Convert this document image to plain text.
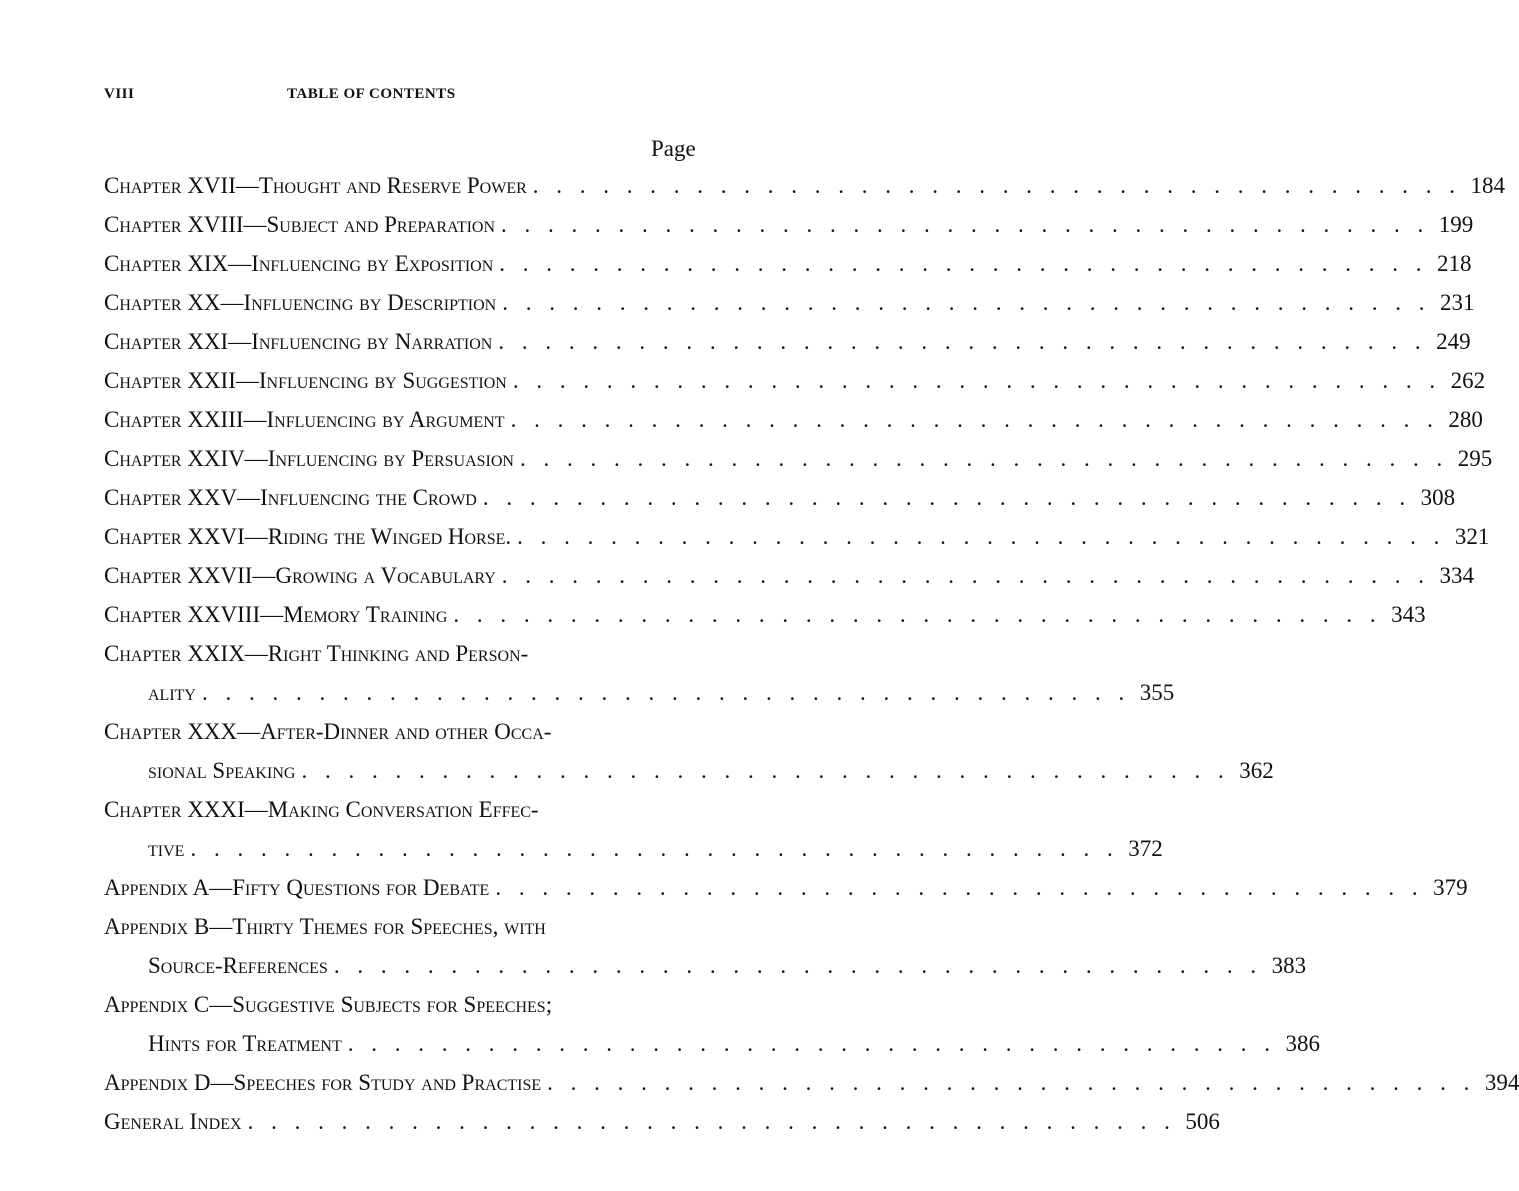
VIII	TABLE OF CONTENTS
Page
Chapter XVII—Thought and Reserve Power . . . . . . . . . . . . . . . . . . . . . . . . . . . . . . . . . . . . . . . . 184
Chapter XVIII—Subject and Preparation . . . . . . . . . . . . . . . . . . . . . . . . . . . . . . . . . . . . . . . . 199
Chapter XIX—Influencing by Exposition . . . . . . . . . . . . . . . . . . . . . . . . . . . . . . . . . . . . . . . . 218
Chapter XX—Influencing by Description . . . . . . . . . . . . . . . . . . . . . . . . . . . . . . . . . . . . . . . . 231
Chapter XXI—Influencing by Narration . . . . . . . . . . . . . . . . . . . . . . . . . . . . . . . . . . . . . . . . 249
Chapter XXII—Influencing by Suggestion . . . . . . . . . . . . . . . . . . . . . . . . . . . . . . . . . . . . . . . . 262
Chapter XXIII—Influencing by Argument . . . . . . . . . . . . . . . . . . . . . . . . . . . . . . . . . . . . . . . . 280
Chapter XXIV—Influencing by Persuasion . . . . . . . . . . . . . . . . . . . . . . . . . . . . . . . . . . . . . . . . 295
Chapter XXV—Influencing the Crowd . . . . . . . . . . . . . . . . . . . . . . . . . . . . . . . . . . . . . . . . 308
Chapter XXVI—Riding the Winged Horse. . . . . . . . . . . . . . . . . . . . . . . . . . . . . . . . . . . . . . . . . 321
Chapter XXVII—Growing a Vocabulary . . . . . . . . . . . . . . . . . . . . . . . . . . . . . . . . . . . . . . . . 334
Chapter XXVIII—Memory Training . . . . . . . . . . . . . . . . . . . . . . . . . . . . . . . . . . . . . . . . 343
Chapter XXIX—Right Thinking and Person-
ality . . . . . . . . . . . . . . . . . . . . . . . . . . . . . . . . . . . . . . . . 355
Chapter XXX—After-Dinner and other Occa-
sional Speaking . . . . . . . . . . . . . . . . . . . . . . . . . . . . . . . . . . . . . . . . 362
Chapter XXXI—Making Conversation Effec-
tive . . . . . . . . . . . . . . . . . . . . . . . . . . . . . . . . . . . . . . . . 372
Appendix A—Fifty Questions for Debate . . . . . . . . . . . . . . . . . . . . . . . . . . . . . . . . . . . . . . . . 379
Appendix B—Thirty Themes for Speeches, with
Source-References . . . . . . . . . . . . . . . . . . . . . . . . . . . . . . . . . . . . . . . . 383
Appendix C—Suggestive Subjects for Speeches;
Hints for Treatment . . . . . . . . . . . . . . . . . . . . . . . . . . . . . . . . . . . . . . . . 386
Appendix D—Speeches for Study and Practise . . . . . . . . . . . . . . . . . . . . . . . . . . . . . . . . . . . . . . . . 394
General Index . . . . . . . . . . . . . . . . . . . . . . . . . . . . . . . . . . . . . . . . 506
